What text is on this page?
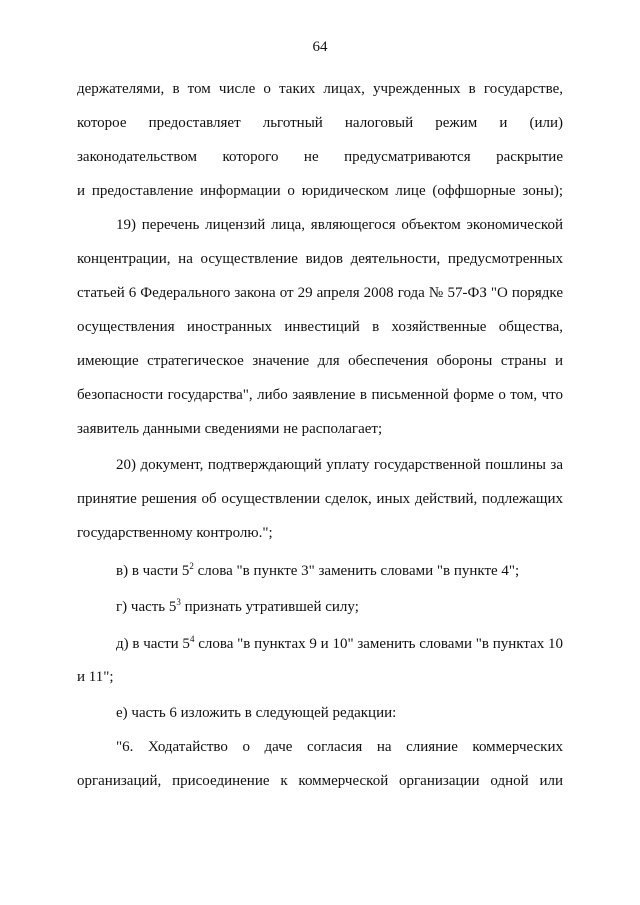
64
держателями, в том числе о таких лицах, учрежденных в государстве,
которое предоставляет льготный налоговый режим и (или)
законодательством которого не предусматриваются раскрытие
и предоставление информации о юридическом лице (оффшорные зоны);
19) перечень лицензий лица, являющегося объектом экономической
концентрации, на осуществление видов деятельности, предусмотренных
статьей 6 Федерального закона от 29 апреля 2008 года № 57-ФЗ "О порядке
осуществления иностранных инвестиций в хозяйственные общества,
имеющие стратегическое значение для обеспечения обороны страны и
безопасности государства", либо заявление в письменной форме о том, что
заявитель данными сведениями не располагает;
20) документ, подтверждающий уплату государственной пошлины за
принятие решения об осуществлении сделок, иных действий, подлежащих
государственному контролю.";
в) в части $5^2$ слова "в пункте 3" заменить словами "в пункте 4";
г) часть $5^3$ признать утратившей силу;
д) в части $5^4$ слова "в пунктах 9 и 10" заменить словами "в пунктах 10
и 11";
е) часть 6 изложить в следующей редакции:
"6. Ходатайство о даче согласия на слияние коммерческих
организаций, присоединение к коммерческой организации одной или
